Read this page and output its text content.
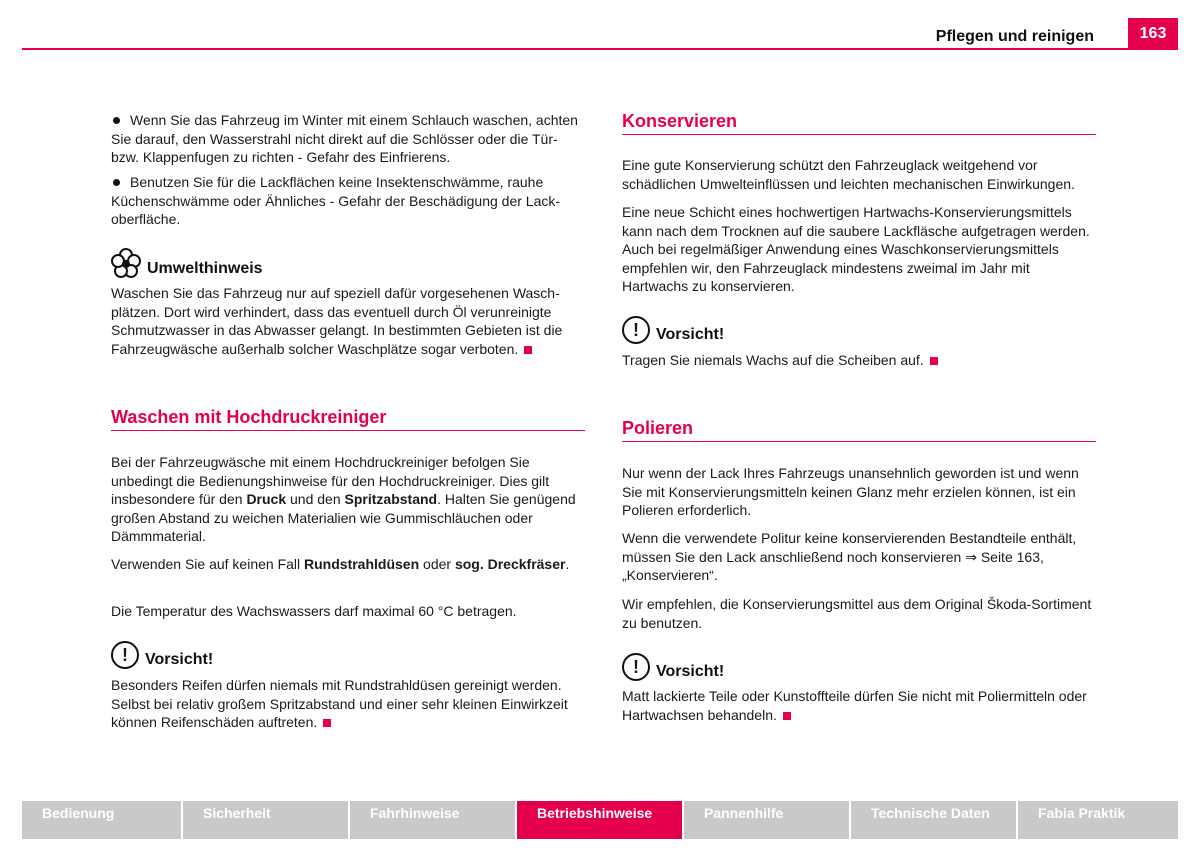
Pflegen und reinigen	163
Wenn Sie das Fahrzeug im Winter mit einem Schlauch waschen, achten Sie darauf, den Wasserstrahl nicht direkt auf die Schlösser oder die Tür- bzw. Klappenfugen zu richten - Gefahr des Einfrierens.
Benutzen Sie für die Lackflächen keine Insektenschwämme, rauhe Küchenschwämme oder Ähnliches - Gefahr der Beschädigung der Lackoberfläche.
Umwelthinweis
Waschen Sie das Fahrzeug nur auf speziell dafür vorgesehenen Waschplätzen. Dort wird verhindert, dass das eventuell durch Öl verunreinigte Schmutzwasser in das Abwasser gelangt. In bestimmten Gebieten ist die Fahrzeugwäsche außerhalb solcher Waschplätze sogar verboten.
Waschen mit Hochdruckreiniger
Bei der Fahrzeugwäsche mit einem Hochdruckreiniger befolgen Sie unbedingt die Bedienungshinweise für den Hochdruckreiniger. Dies gilt insbesondere für den Druck und den Spritzabstand. Halten Sie genügend großen Abstand zu weichen Materialien wie Gummischläuchen oder Dämmmaterial.
Verwenden Sie auf keinen Fall Rundstrahldüsen oder sog. Dreckfräser.
Die Temperatur des Wachswassers darf maximal 60 °C betragen.
!	Vorsicht!
Besonders Reifen dürfen niemals mit Rundstrahldüsen gereinigt werden. Selbst bei relativ großem Spritzabstand und einer sehr kleinen Einwirkzeit können Reifenschäden auftreten.
Konservieren
Eine gute Konservierung schützt den Fahrzeuglack weitgehend vor schädlichen Umwelteinflüssen und leichten mechanischen Einwirkungen.
Eine neue Schicht eines hochwertigen Hartwachs-Konservierungsmittels kann nach dem Trocknen auf die saubere Lackfläsche aufgetragen werden. Auch bei regelmäßiger Anwendung eines Waschkonservierungsmittels empfehlen wir, den Fahrzeuglack mindestens zweimal im Jahr mit Hartwachs zu konservieren.
!	Vorsicht!
Tragen Sie niemals Wachs auf die Scheiben auf.
Polieren
Nur wenn der Lack Ihres Fahrzeugs unansehnlich geworden ist und wenn Sie mit Konservierungsmitteln keinen Glanz mehr erzielen können, ist ein Polieren erforderlich.
Wenn die verwendete Politur keine konservierenden Bestandteile enthält, müssen Sie den Lack anschließend noch konservieren ⇒ Seite 163, „Konservieren“.
Wir empfehlen, die Konservierungsmittel aus dem Original Škoda-Sortiment zu benutzen.
!	Vorsicht!
Matt lackierte Teile oder Kunstoffteile dürfen Sie nicht mit Poliermitteln oder Hartwachsen behandeln.
Bedienung	Sicherheit	Fahrhinweise	Betriebshinweise	Pannenhilfe	Technische Daten	Fabia Praktik
